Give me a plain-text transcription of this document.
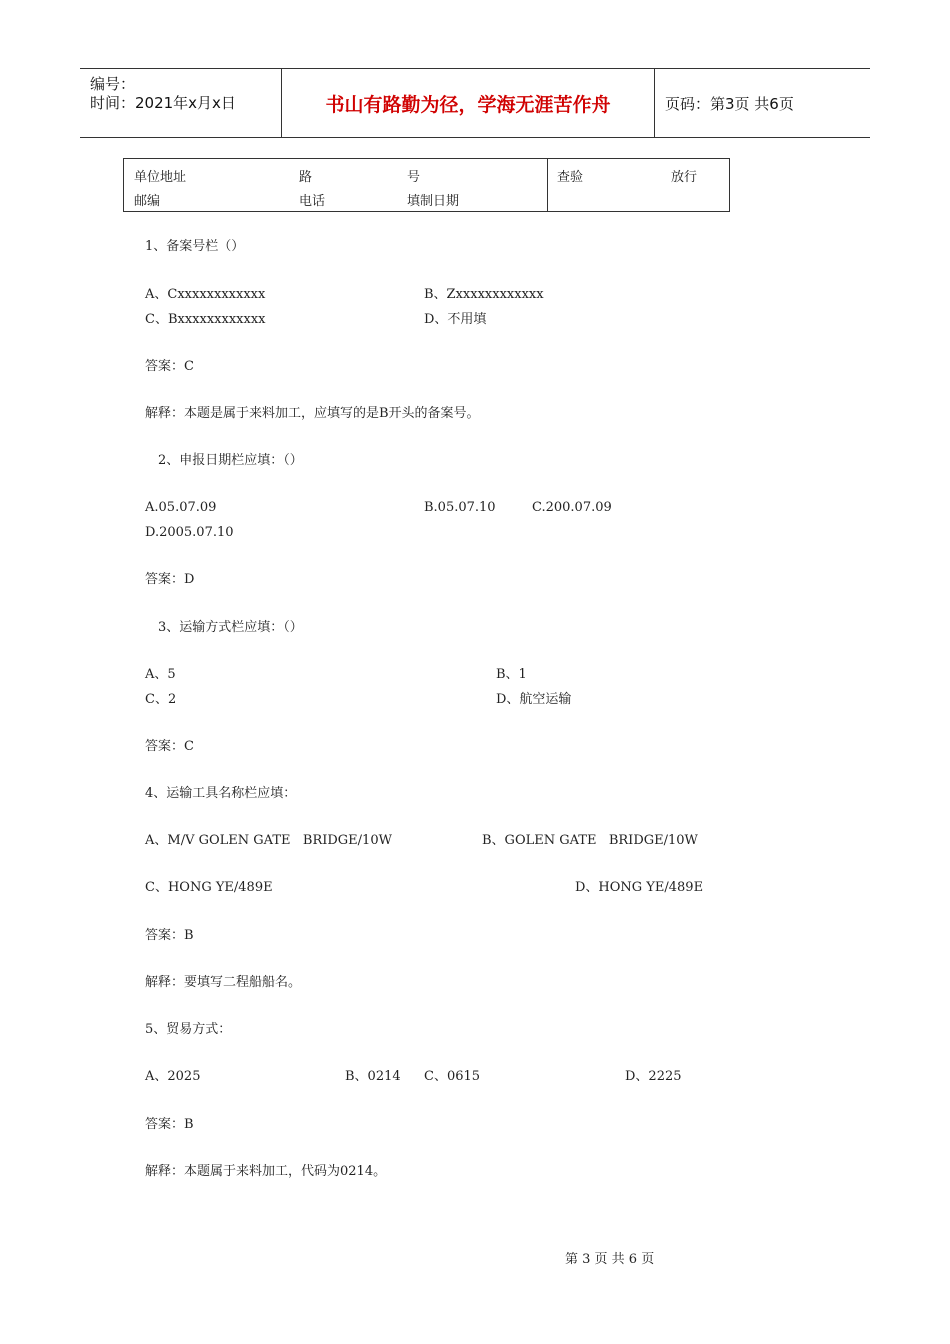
编号：
时间：2021年x月x日	书山有路勤为径，学海无涯苦作舟	页码：第3页 共6页
单位地址	路	号	查验	放行
邮编	电话	填制日期
1、备案号栏（）
A、Cxxxxxxxxxxxx	B、Zxxxxxxxxxxxx
C、Bxxxxxxxxxxxx	D、不用填
答案：C
解释：本题是属于来料加工，应填写的是B开头的备案号。
2、申报日期栏应填：（）
A.05.07.09	B.05.07.10	C.200.07.09
D.2005.07.10
答案：D
3、运输方式栏应填：（）
A、5	B、1
C、2	D、航空运输
答案：C
4、运输工具名称栏应填：
A、M/V GOLEN GATE   BRIDGE/10W	B、GOLEN GATE   BRIDGE/10W
C、HONG YE/489E	D、HONG YE/489E
答案：B
解释：要填写二程船船名。
5、贸易方式：
A、2025	B、0214 C、0615	D、2225
答案：B
解释：本题属于来料加工，代码为0214。
第 3 页 共 6 页
